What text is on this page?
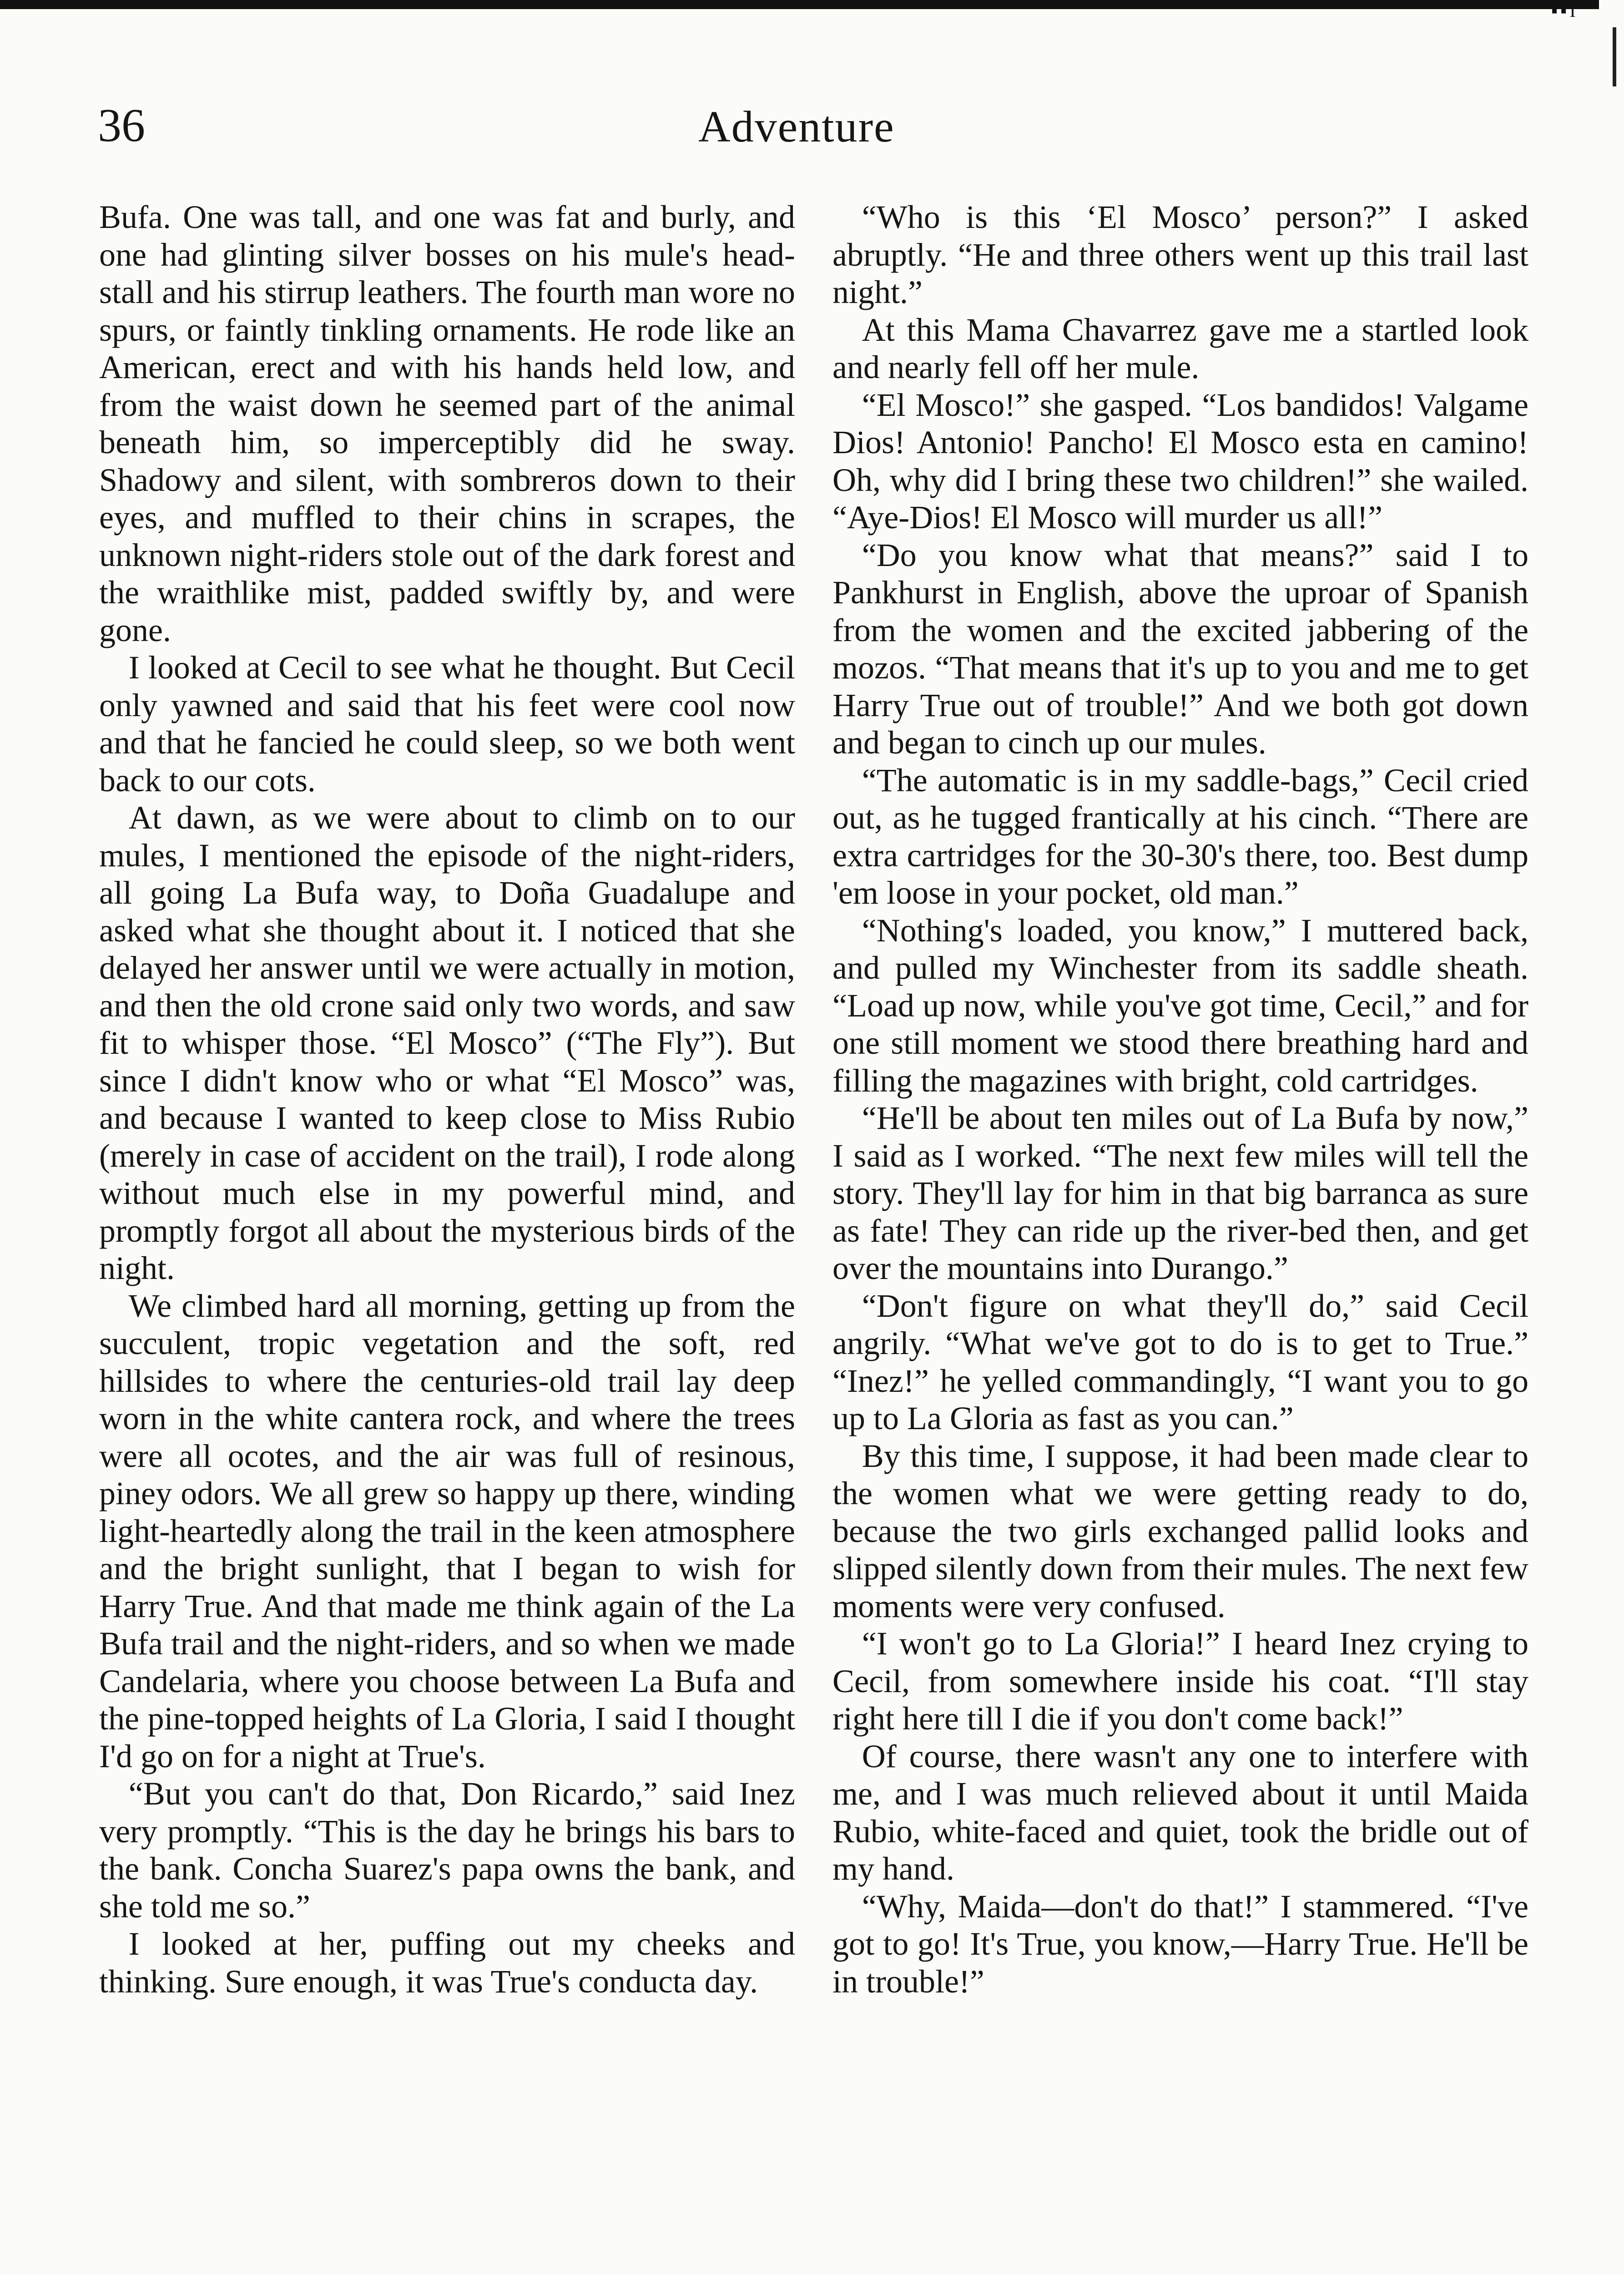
▪▪I
36	Adventure

Bufa. One was tall, and one was fat and burly, and one had glinting silver bosses on his mule's head-stall and his stirrup leathers. The fourth man wore no spurs, or faintly tinkling ornaments. He rode like an American, erect and with his hands held low, and from the waist down he seemed part of the animal beneath him, so imperceptibly did he sway. Shadowy and silent, with sombreros down to their eyes, and muffled to their chins in scrapes, the unknown night-riders stole out of the dark forest and the wraithlike mist, padded swiftly by, and were gone.

I looked at Cecil to see what he thought. But Cecil only yawned and said that his feet were cool now and that he fancied he could sleep, so we both went back to our cots.

At dawn, as we were about to climb on to our mules, I mentioned the episode of the night-riders, all going La Bufa way, to Doña Guadalupe and asked what she thought about it. I noticed that she delayed her answer until we were actually in motion, and then the old crone said only two words, and saw fit to whisper those. “El Mosco” (“The Fly”). But since I didn't know who or what “El Mosco” was, and because I wanted to keep close to Miss Rubio (merely in case of accident on the trail), I rode along without much else in my powerful mind, and promptly forgot all about the mysterious birds of the night.

We climbed hard all morning, getting up from the succulent, tropic vegetation and the soft, red hillsides to where the centuries-old trail lay deep worn in the white cantera rock, and where the trees were all ocotes, and the air was full of resinous, piney odors. We all grew so happy up there, winding light-heartedly along the trail in the keen atmosphere and the bright sunlight, that I began to wish for Harry True. And that made me think again of the La Bufa trail and the night-riders, and so when we made Candelaria, where you choose between La Bufa and the pine-topped heights of La Gloria, I said I thought I'd go on for a night at True's.

“But you can't do that, Don Ricardo,” said Inez very promptly. “This is the day he brings his bars to the bank. Concha Suarez's papa owns the bank, and she told me so.”

I looked at her, puffing out my cheeks and thinking. Sure enough, it was True's conducta day.

“Who is this ‘El Mosco’ person?” I asked abruptly. “He and three others went up this trail last night.”

At this Mama Chavarrez gave me a startled look and nearly fell off her mule.

“El Mosco!” she gasped. “Los bandidos! Valgame Dios! Antonio! Pancho! El Mosco esta en camino! Oh, why did I bring these two children!” she wailed. “Aye-Dios! El Mosco will murder us all!”

“Do you know what that means?” said I to Pankhurst in English, above the uproar of Spanish from the women and the excited jabbering of the mozos. “That means that it's up to you and me to get Harry True out of trouble!” And we both got down and began to cinch up our mules.

“The automatic is in my saddle-bags,” Cecil cried out, as he tugged frantically at his cinch. “There are extra cartridges for the 30-30's there, too. Best dump 'em loose in your pocket, old man.”

“Nothing's loaded, you know,” I muttered back, and pulled my Winchester from its saddle sheath. “Load up now, while you've got time, Cecil,” and for one still moment we stood there breathing hard and filling the magazines with bright, cold cartridges.

“He'll be about ten miles out of La Bufa by now,” I said as I worked. “The next few miles will tell the story. They'll lay for him in that big barranca as sure as fate! They can ride up the river-bed then, and get over the mountains into Durango.”

“Don't figure on what they'll do,” said Cecil angrily. “What we've got to do is to get to True.” “Inez!” he yelled commandingly, “I want you to go up to La Gloria as fast as you can.”

By this time, I suppose, it had been made clear to the women what we were getting ready to do, because the two girls exchanged pallid looks and slipped silently down from their mules. The next few moments were very confused.

“I won't go to La Gloria!” I heard Inez crying to Cecil, from somewhere inside his coat. “I'll stay right here till I die if you don't come back!”

Of course, there wasn't any one to interfere with me, and I was much relieved about it until Maida Rubio, white-faced and quiet, took the bridle out of my hand.

“Why, Maida—don't do that!” I stammered. “I've got to go! It's True, you know,—Harry True. He'll be in trouble!”
